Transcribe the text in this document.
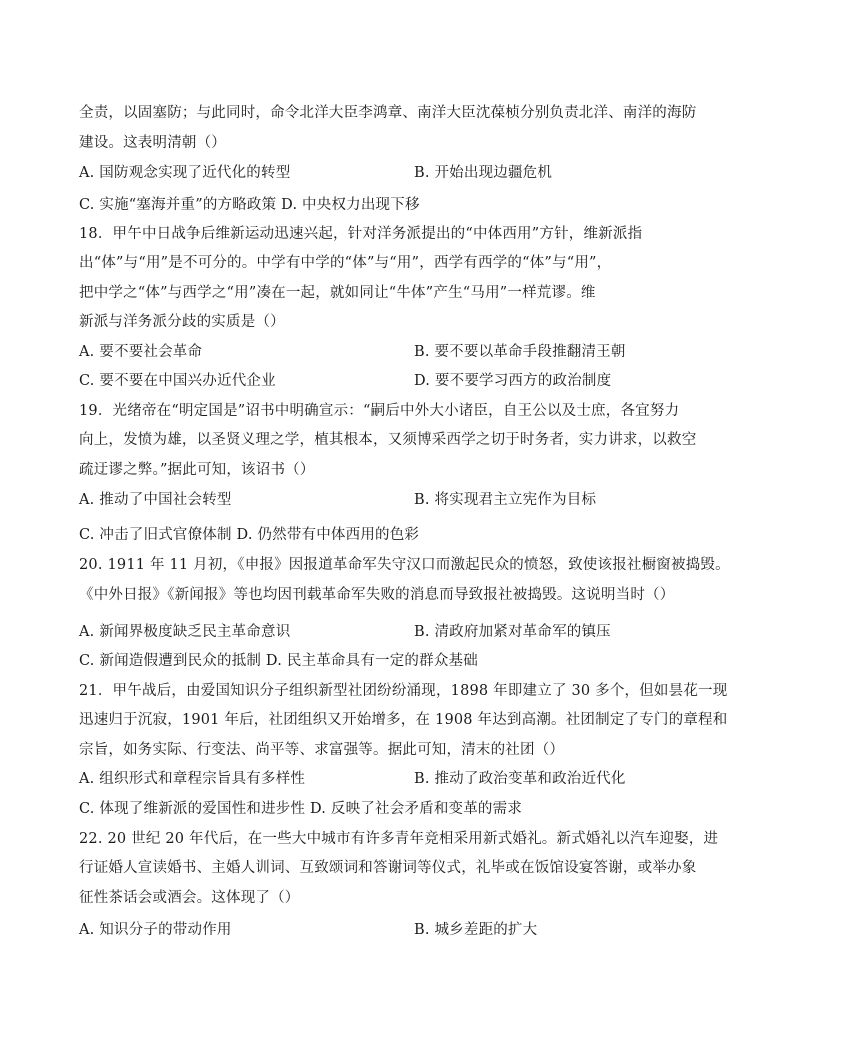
全责，以固塞防；与此同时，命令北洋大臣李鸿章、南洋大臣沈葆桢分别负责北洋、南洋的海防
建设。这表明清朝（）
A. 国防观念实现了近代化的转型	B. 开始出现边疆危机
C. 实施“塞海并重”的方略政策 D. 中央权力出现下移
18．甲午中日战争后维新运动迅速兴起，针对洋务派提出的“中体西用”方针，维新派指
出“体”与“用”是不可分的。中学有中学的“体”与“用”，西学有西学的“体”与“用”，
把中学之“体”与西学之“用”凑在一起，就如同让“牛体”产生“马用”一样荒谬。维
新派与洋务派分歧的实质是（）
A. 要不要社会革命	B. 要不要以革命手段推翻清王朝
C. 要不要在中国兴办近代企业	D. 要不要学习西方的政治制度
19．光绪帝在“明定国是”诏书中明确宣示：“嗣后中外大小诸臣，自王公以及士庶，各宜努力
向上，发愤为雄，以圣贤义理之学，植其根本，又须博采西学之切于时务者，实力讲求，以救空
疏迂谬之弊。”据此可知，该诏书（）
A. 推动了中国社会转型	B. 将实现君主立宪作为目标
C. 冲击了旧式官僚体制 D. 仍然带有中体西用的色彩
20. 1911 年 11 月初，《申报》因报道革命军失守汉口而激起民众的愤怒，致使该报社橱窗被捣毁。
《中外日报》《新闻报》等也均因刊载革命军失败的消息而导致报社被捣毁。这说明当时（）
A. 新闻界极度缺乏民主革命意识	B. 清政府加紧对革命军的镇压
C. 新闻造假遭到民众的抵制 D. 民主革命具有一定的群众基础
21．甲午战后，由爱国知识分子组织新型社团纷纷涌现，1898 年即建立了 30 多个，但如昙花一现
迅速归于沉寂，1901 年后，社团组织又开始增多，在 1908 年达到高潮。社团制定了专门的章程和
宗旨，如务实际、行变法、尚平等、求富强等。据此可知，清末的社团（）
A. 组织形式和章程宗旨具有多样性	B. 推动了政治变革和政治近代化
C. 体现了维新派的爱国性和进步性 D. 反映了社会矛盾和变革的需求
22. 20 世纪 20 年代后，在一些大中城市有许多青年竞相采用新式婚礼。新式婚礼以汽车迎娶，进
行证婚人宣读婚书、主婚人训词、互致颂词和答谢词等仪式，礼毕或在饭馆设宴答谢，或举办象
征性茶话会或酒会。这体现了（）
A. 知识分子的带动作用	B. 城乡差距的扩大
